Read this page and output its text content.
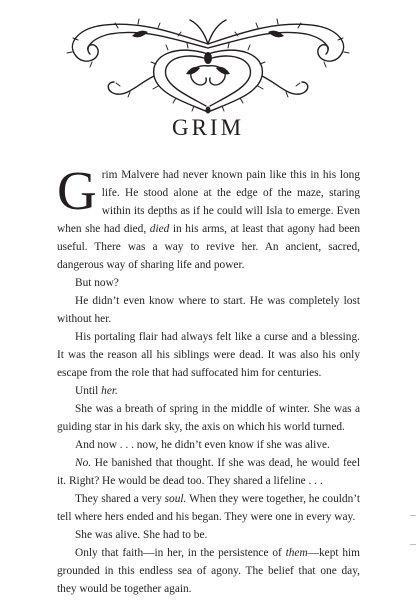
GRIM

Grim Malvere had never known pain like this in his long life. He stood alone at the edge of the maze, staring within its depths as if he could will Isla to emerge. Even when she had died, died in his arms, at least that agony had been useful. There was a way to revive her. An ancient, sacred, dangerous way of sharing life and power.

But now?

He didn’t even know where to start. He was completely lost without her.

His portaling flair had always felt like a curse and a blessing. It was the reason all his siblings were dead. It was also his only escape from the role that had suffocated him for centuries.

Until her.

She was a breath of spring in the middle of winter. She was a guiding star in his dark sky, the axis on which his world turned.

And now . . . now, he didn’t even know if she was alive.

No. He banished that thought. If she was dead, he would feel it. Right? He would be dead too. They shared a lifeline . . .

They shared a very soul. When they were together, he couldn’t tell where hers ended and his began. They were one in every way.

She was alive. She had to be.

Only that faith—in her, in the persistence of them—kept him grounded in this endless sea of agony. The belief that one day, they would be together again.
